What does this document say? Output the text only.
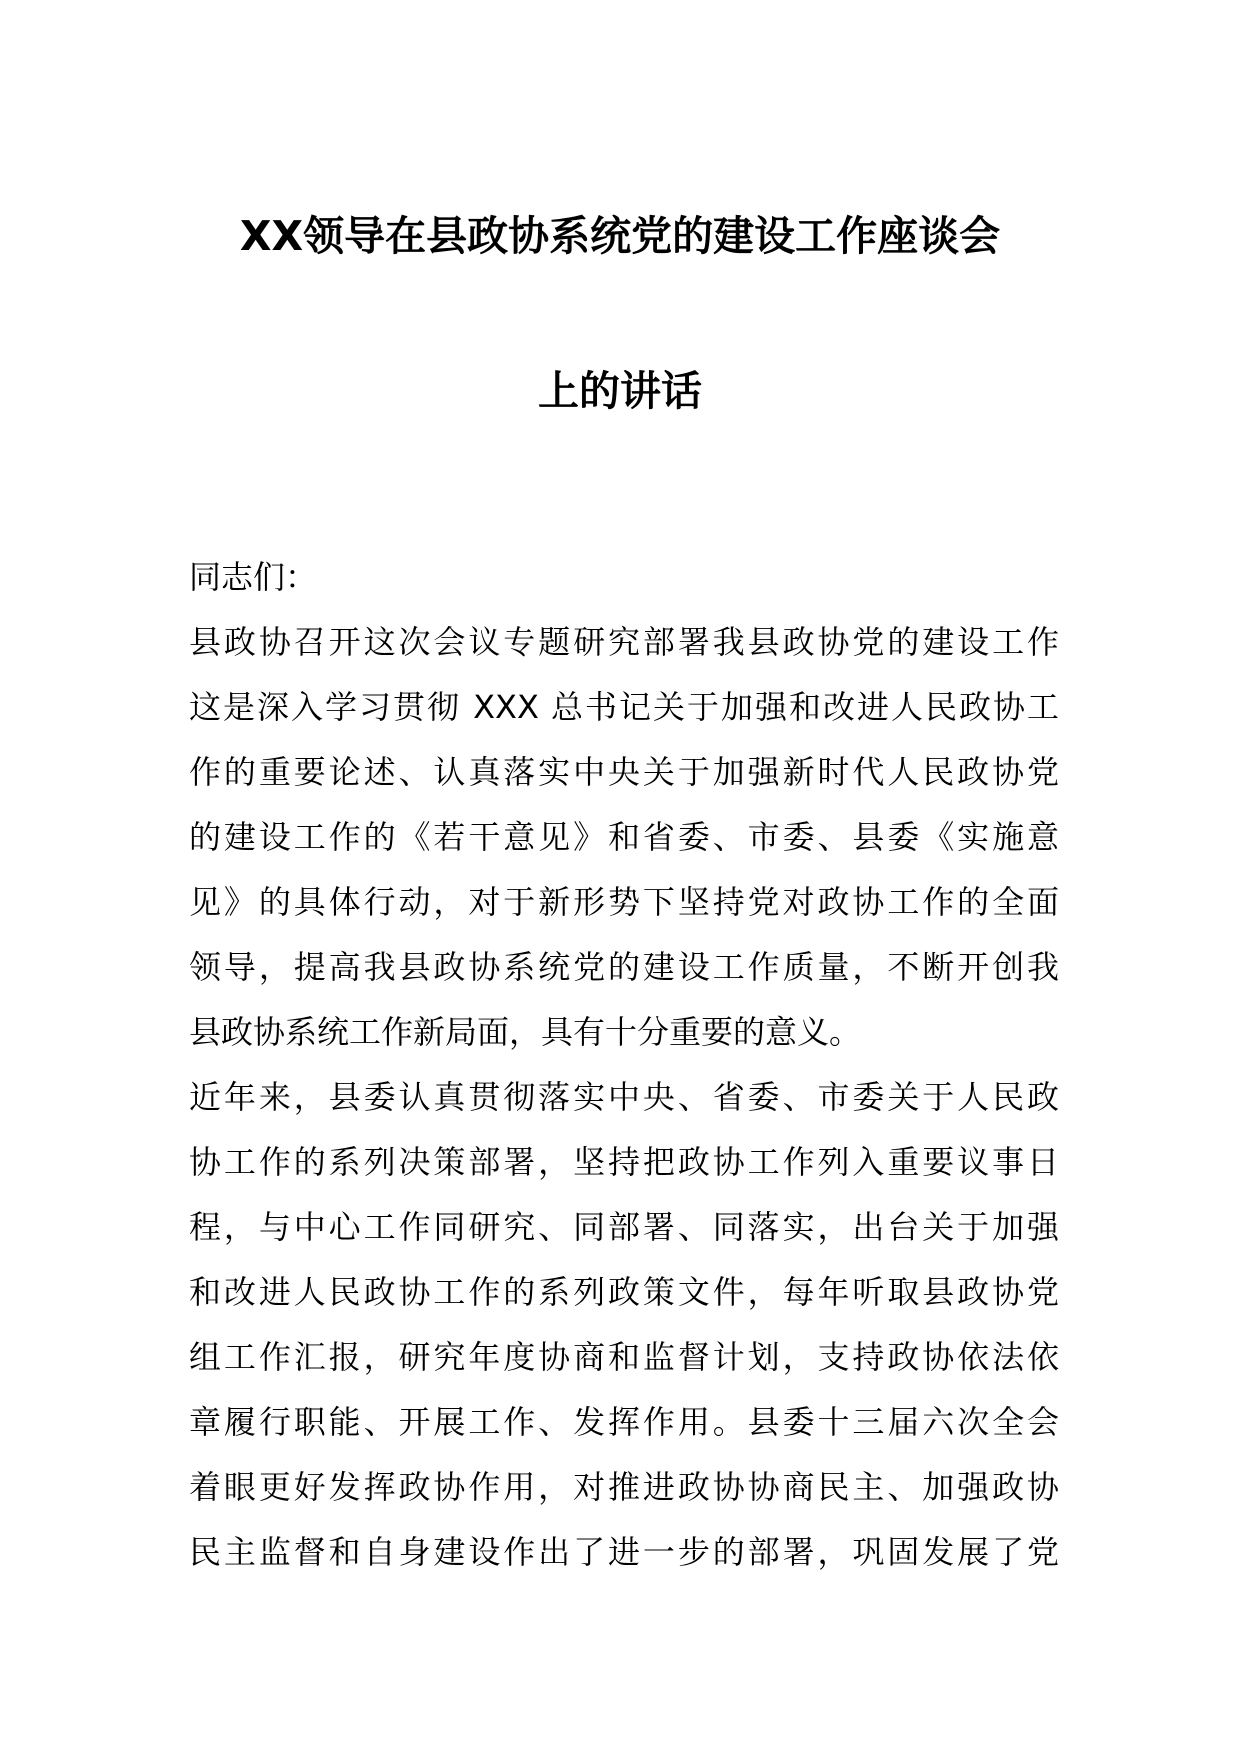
XX领导在县政协系统党的建设工作座谈会
上的讲话
同志们：
县政协召开这次会议专题研究部署我县政协党的建设工作
这是深入学习贯彻 XXX 总书记关于加强和改进人民政协工
作的重要论述、认真落实中央关于加强新时代人民政协党
的建设工作的《若干意见》和省委、市委、县委《实施意
见》的具体行动，对于新形势下坚持党对政协工作的全面
领导，提高我县政协系统党的建设工作质量，不断开创我
县政协系统工作新局面，具有十分重要的意义。
近年来，县委认真贯彻落实中央、省委、市委关于人民政
协工作的系列决策部署，坚持把政协工作列入重要议事日
程，与中心工作同研究、同部署、同落实，出台关于加强
和改进人民政协工作的系列政策文件，每年听取县政协党
组工作汇报，研究年度协商和监督计划，支持政协依法依
章履行职能、开展工作、发挥作用。县委十三届六次全会
着眼更好发挥政协作用，对推进政协协商民主、加强政协
民主监督和自身建设作出了进一步的部署，巩固发展了党
